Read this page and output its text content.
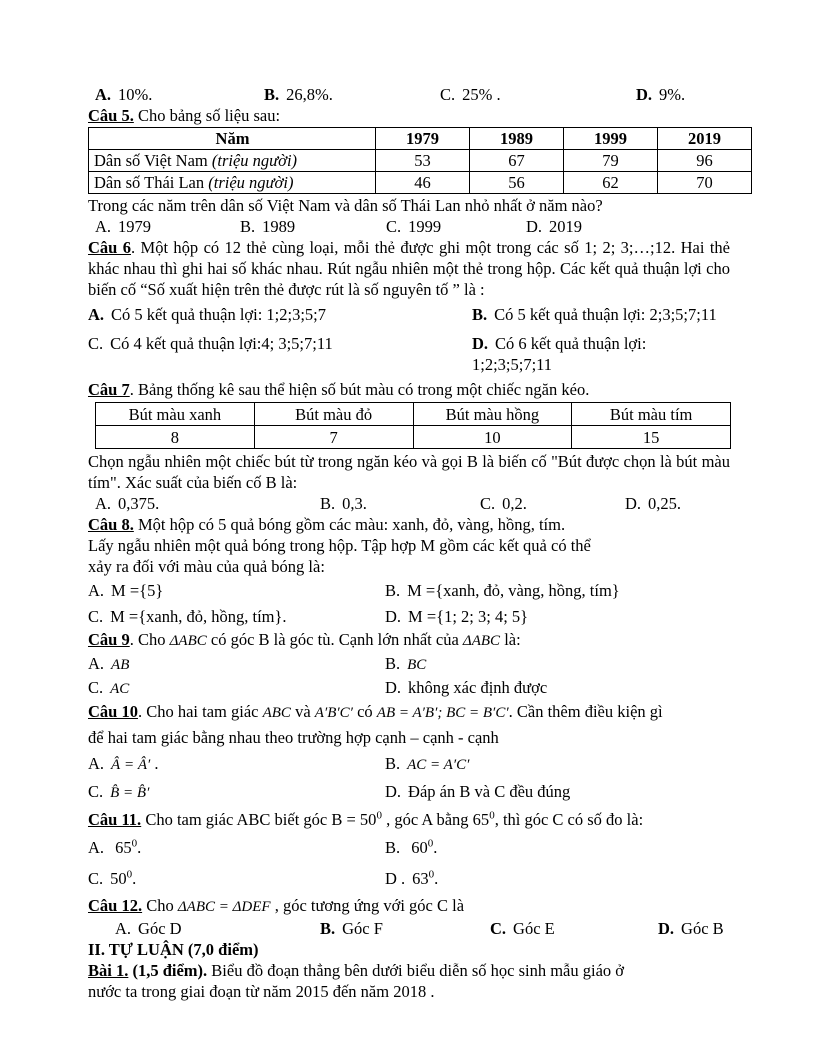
A. 10%.	B. 26,8%.	C. 25% .	D. 9%.
Câu 5. Cho bảng số liệu sau:
Năm	1979	1989	1999	2019
Dân số Việt Nam (triệu người)	53	67	79	96
Dân số Thái Lan (triệu người)	46	56	62	70
Trong các năm trên dân số Việt Nam và dân số Thái Lan nhỏ nhất ở năm nào?
A. 1979	B. 1989	C. 1999	D. 2019
Câu 6. Một hộp có 12 thẻ cùng loại, mỗi thẻ được ghi một trong các số 1; 2; 3;…;12. Hai thẻ khác nhau thì ghi hai số khác nhau. Rút ngẫu nhiên một thẻ trong hộp. Các kết quả thuận lợi cho biến cố “Số xuất hiện trên thẻ được rút là số nguyên tố ” là :
A. Có 5 kết quả thuận lợi: 1;2;3;5;7	B. Có 5 kết quả thuận lợi: 2;3;5;7;11
C. Có 4 kết quả thuận lợi:4; 3;5;7;11	D. Có 6 kết quả thuận lợi: 1;2;3;5;7;11
Câu 7. Bảng thống kê sau thể hiện số bút màu có trong một chiếc ngăn kéo.
Bút màu xanh	Bút màu đỏ	Bút màu hồng	Bút màu tím
8	7	10	15
Chọn ngẫu nhiên một chiếc bút từ trong ngăn kéo và gọi B là biến cố "Bút được chọn là bút màu tím". Xác suất của biến cố B là:
A. 0,375.	B. 0,3.	C. 0,2.	D. 0,25.
Câu 8. Một hộp có 5 quả bóng gồm các màu: xanh, đỏ, vàng, hồng, tím.
Lấy ngẫu nhiên một quả bóng trong hộp. Tập hợp M gồm các kết quả có thể
xảy ra đối với màu của quả bóng là:
A. M ={5}	B. M ={xanh, đỏ, vàng, hồng, tím}
C. M ={xanh, đỏ, hồng, tím}.	D. M ={1; 2; 3; 4; 5}
Câu 9. Cho ΔABC có góc B là góc tù. Cạnh lớn nhất của ΔABC là:
A. AB	B. BC
C. AC	D. không xác định được
Câu 10. Cho hai tam giác ABC và A′B′C′ có AB = A′B′; BC = B′C′. Cần thêm điều kiện gì
để hai tam giác bằng nhau theo trường hợp cạnh – cạnh - cạnh
A. Â = Â′ .	B. AC = A′C′
C. B̂ = B̂′	D. Đáp án B và C đều đúng
Câu 11. Cho tam giác ABC biết góc $B = 50^0$ , góc A bằng $65^0$, thì góc C có số đo là:
A. $65^0$.	B. $60^0$.
C. $50^0$.	D . $63^0$.
Câu 12. Cho ΔABC = ΔDEF , góc tương ứng với góc C là
A. Góc D	B. Góc F	C. Góc E	D. Góc B
II. TỰ LUẬN (7,0 điểm)
Bài 1. (1,5 điểm). Biểu đồ đoạn thẳng bên dưới biểu diễn số học sinh mẫu giáo ở
nước ta trong giai đoạn từ năm 2015 đến năm 2018 .
